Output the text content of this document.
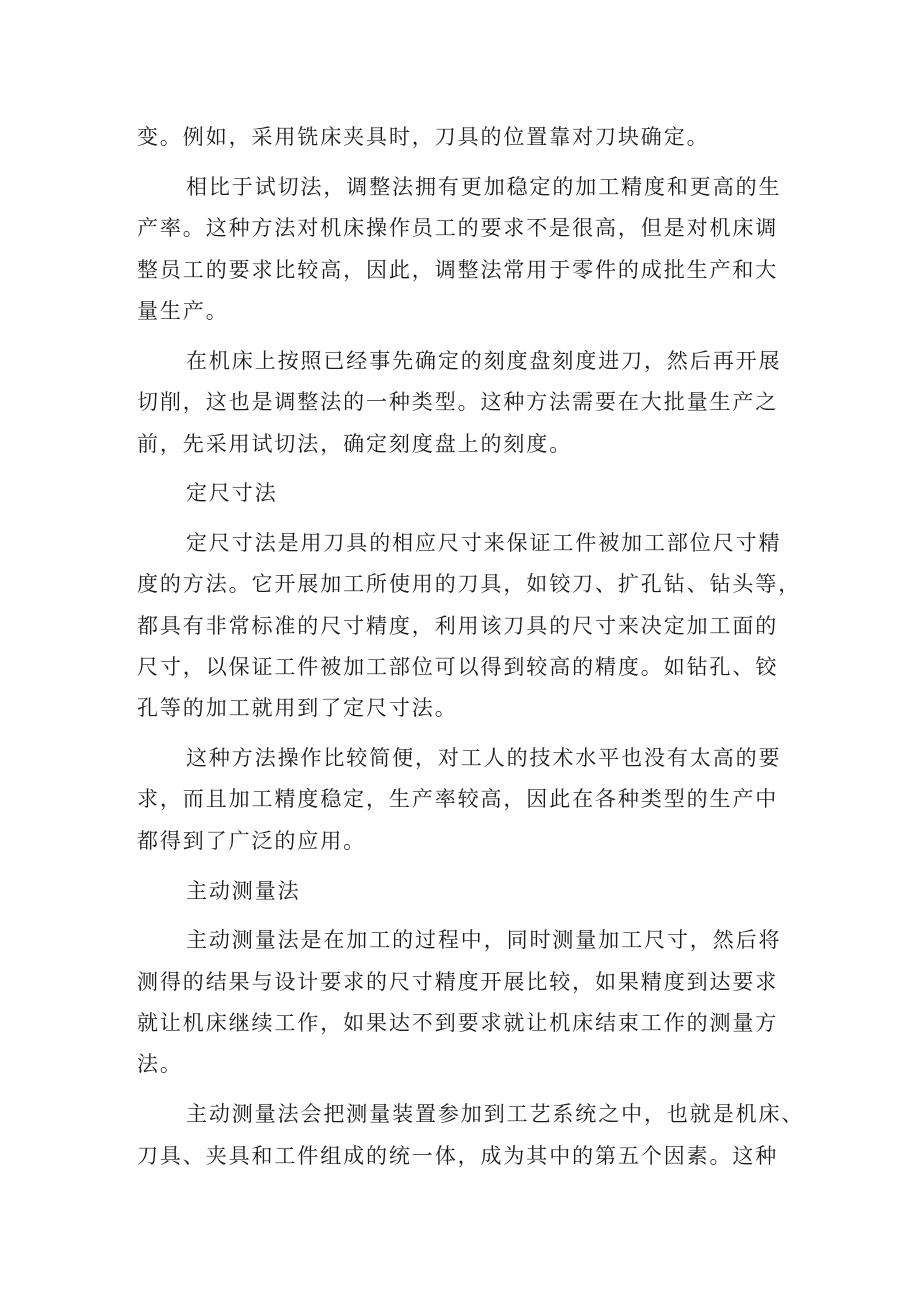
变。例如，采用铣床夹具时，刀具的位置靠对刀块确定。
相比于试切法，调整法拥有更加稳定的加工精度和更高的生
产率。这种方法对机床操作员工的要求不是很高，但是对机床调
整员工的要求比较高，因此，调整法常用于零件的成批生产和大
量生产。
在机床上按照已经事先确定的刻度盘刻度进刀，然后再开展
切削，这也是调整法的一种类型。这种方法需要在大批量生产之
前，先采用试切法，确定刻度盘上的刻度。
定尺寸法
定尺寸法是用刀具的相应尺寸来保证工件被加工部位尺寸精
度的方法。它开展加工所使用的刀具，如铰刀、扩孔钻、钻头等，
都具有非常标准的尺寸精度，利用该刀具的尺寸来决定加工面的
尺寸，以保证工件被加工部位可以得到较高的精度。如钻孔、铰
孔等的加工就用到了定尺寸法。
这种方法操作比较简便，对工人的技术水平也没有太高的要
求，而且加工精度稳定，生产率较高，因此在各种类型的生产中
都得到了广泛的应用。
主动测量法
主动测量法是在加工的过程中，同时测量加工尺寸，然后将
测得的结果与设计要求的尺寸精度开展比较，如果精度到达要求
就让机床继续工作，如果达不到要求就让机床结束工作的测量方
法。
主动测量法会把测量装置参加到工艺系统之中，也就是机床、
刀具、夹具和工件组成的统一体，成为其中的第五个因素。这种
